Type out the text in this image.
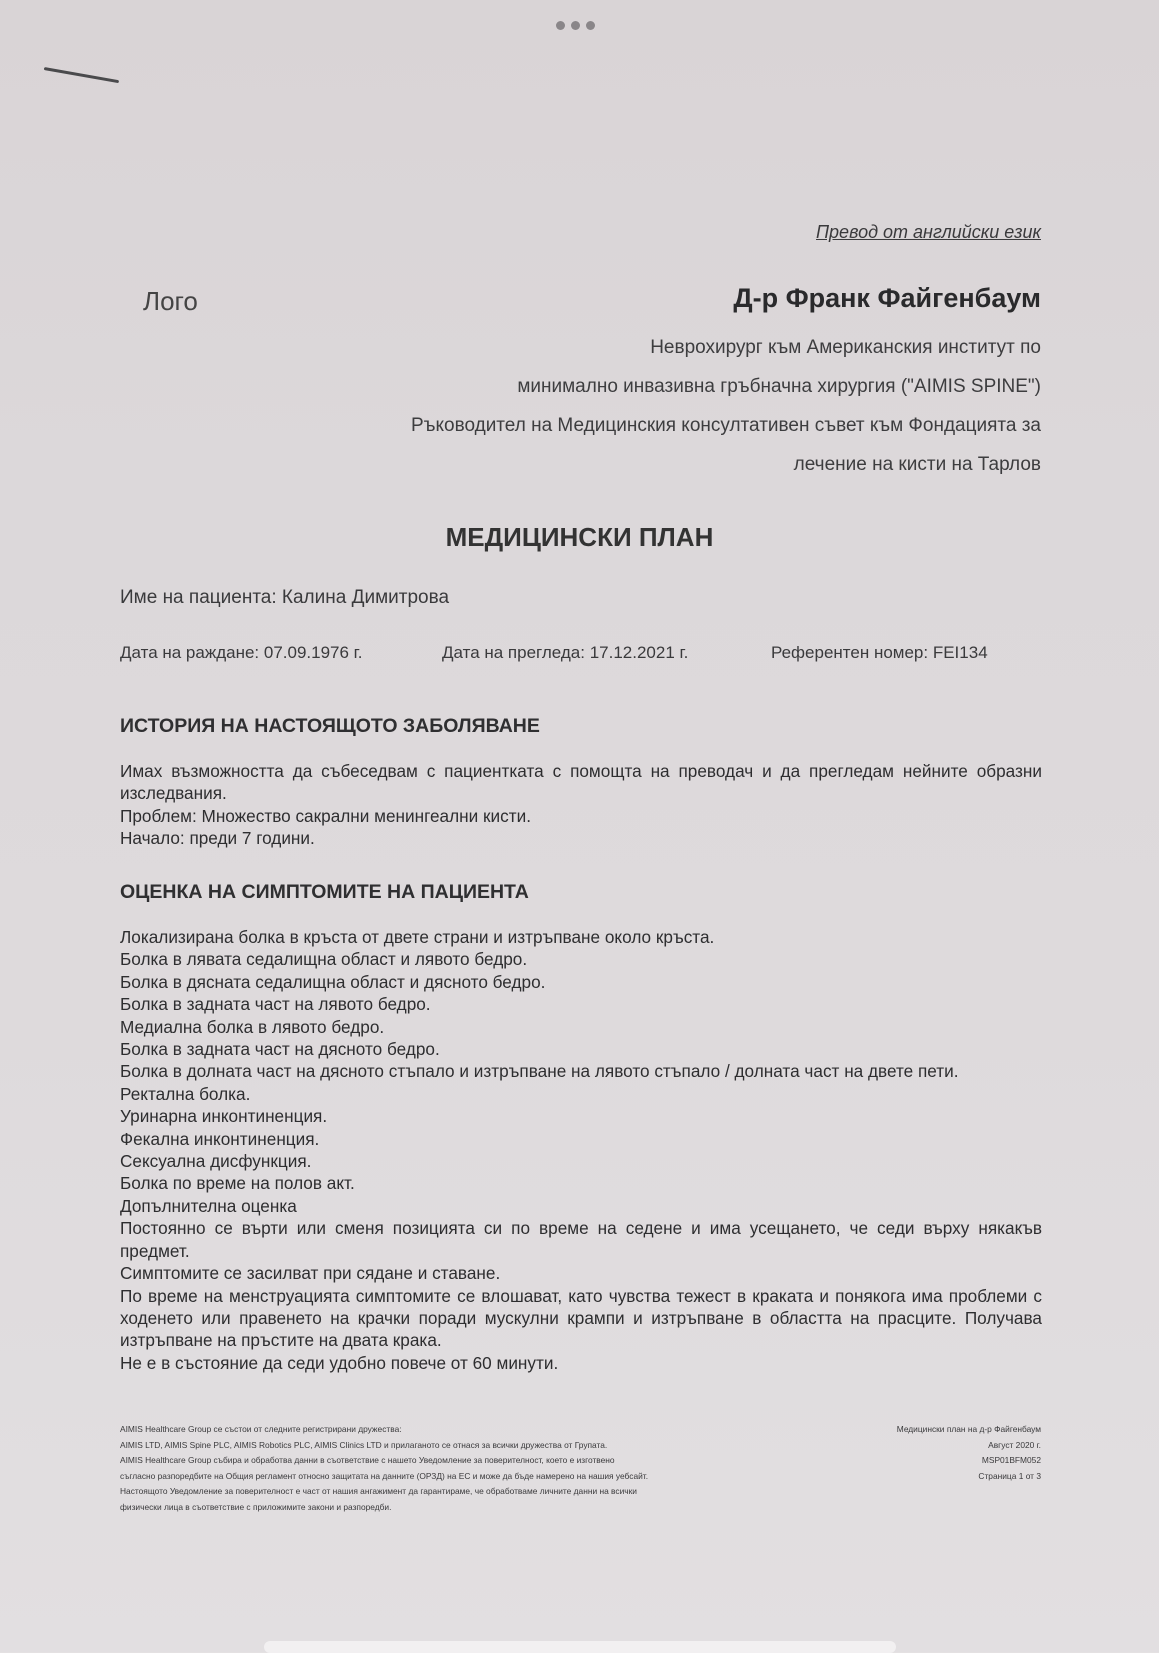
Превод от английски език
Лого	Д-р Франк Файгенбаум
Неврохирург към Американския институт по
минимално инвазивна гръбначна хирургия ("AIMIS SPINE")
Ръководител на Медицинския консултативен съвет към Фондацията за
лечение на кисти на Тарлов
МЕДИЦИНСКИ ПЛАН
Име на пациента: Калина Димитрова
Дата на раждане: 07.09.1976 г.	Дата на прегледа: 17.12.2021 г.	Референтен номер: FEI134
ИСТОРИЯ НА НАСТОЯЩОТО ЗАБОЛЯВАНЕ
Имах възможността да събеседвам с пациентката с помощта на преводач и да прегледам нейните образни изследвания.
Проблем: Множество сакрални менингеални кисти.
Начало: преди 7 години.
ОЦЕНКА НА СИМПТОМИТЕ НА ПАЦИЕНТА
Локализирана болка в кръста от двете страни и изтръпване около кръста.
Болка в лявата седалищна област и лявото бедро.
Болка в дясната седалищна област и дясното бедро.
Болка в задната част на лявото бедро.
Медиална болка в лявото бедро.
Болка в задната част на дясното бедро.
Болка в долната част на дясното стъпало и изтръпване на лявото стъпало / долната част на двете пети.
Ректална болка.
Уринарна инконтиненция.
Фекална инконтиненция.
Сексуална дисфункция.
Болка по време на полов акт.
Допълнителна оценка
Постоянно се върти или сменя позицията си по време на седене и има усещането, че седи върху някакъв предмет.
Симптомите се засилват при сядане и ставане.
По време на менструацията симптомите се влошават, като чувства тежест в краката и понякога има проблеми с ходенето или правенето на крачки поради мускулни крампи и изтръпване в областта на прасците. Получава изтръпване на пръстите на двата крака.
Не е в състояние да седи удобно повече от 60 минути.
AIMIS Healthcare Group се състои от следните регистрирани дружества:
AIMIS LTD, AIMIS Spine PLC, AIMIS Robotics PLC, AIMIS Clinics LTD и прилаганото се отнася за всички дружества от Групата.
AIMIS Healthcare Group събира и обработва данни в съответствие с нашето Уведомление за поверителност, което е изготвено
съгласно разпоредбите на Общия регламент относно защитата на данните (ОРЗД) на ЕС и може да бъде намерено на нашия уебсайт.
Настоящото Уведомление за поверителност е част от нашия ангажимент да гарантираме, че обработваме личните данни на всички
физически лица в съответствие с приложимите закони и разпоредби.
Медицински план на д-р Файгенбаум
Август 2020 г.
MSP01BFM052
Страница 1 от 3
